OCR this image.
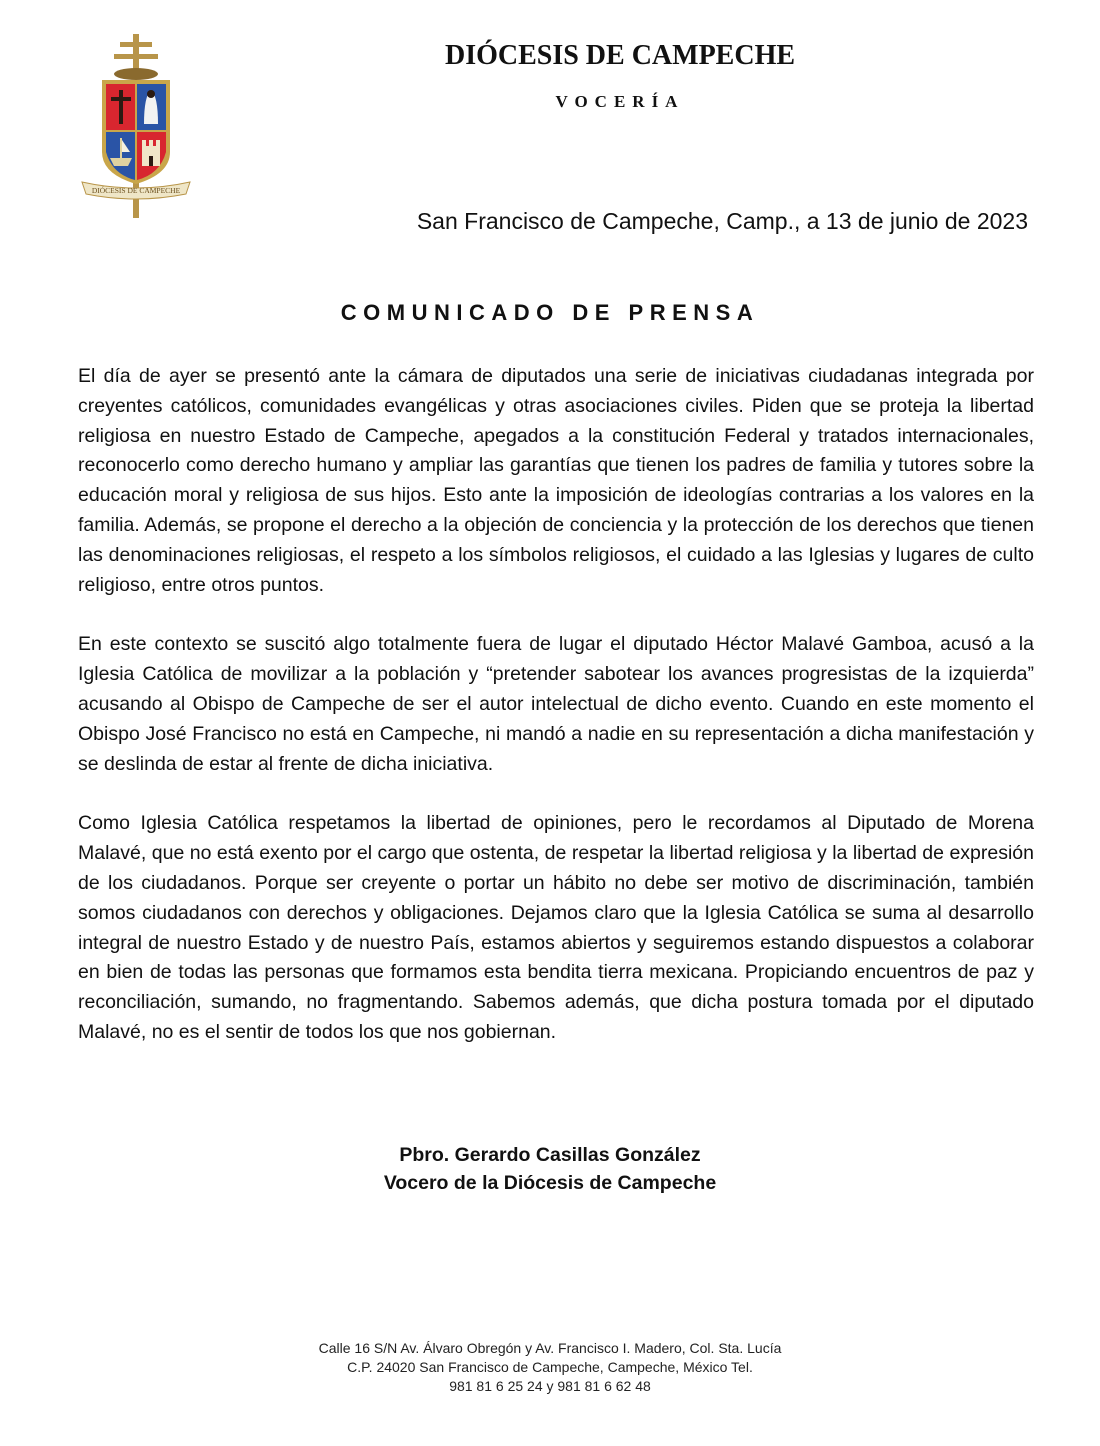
DIÓCESIS DE CAMPECHE
DIÓCESIS DE CAMPECHE
VOCERÍA
San Francisco de Campeche, Camp., a 13 de junio de 2023
COMUNICADO DE PRENSA

El día de ayer se presentó ante la cámara de diputados una serie de iniciativas ciudadanas integrada por creyentes católicos, comunidades evangélicas y otras asociaciones civiles. Piden que se proteja la libertad religiosa en nuestro Estado de Campeche, apegados a la constitución Federal y tratados internacionales, reconocerlo como derecho humano y ampliar las garantías que tienen los padres de familia y tutores sobre la educación moral y religiosa de sus hijos. Esto ante la imposición de ideologías contrarias a los valores en la familia. Además, se propone el derecho a la objeción de conciencia y la protección de los derechos que tienen las denominaciones religiosas, el respeto a los símbolos religiosos, el cuidado a las Iglesias y lugares de culto religioso, entre otros puntos.

En este contexto se suscitó algo totalmente fuera de lugar el diputado Héctor Malavé Gamboa, acusó a la Iglesia Católica de movilizar a la población y “pretender sabotear los avances progresistas de la izquierda” acusando al Obispo de Campeche de ser el autor intelectual de dicho evento. Cuando en este momento el Obispo José Francisco no está en Campeche, ni mandó a nadie en su representación a dicha manifestación y se deslinda de estar al frente de dicha iniciativa.

Como Iglesia Católica respetamos la libertad de opiniones, pero le recordamos al Diputado de Morena Malavé, que no está exento por el cargo que ostenta, de respetar la libertad religiosa y la libertad de expresión de los ciudadanos. Porque ser creyente o portar un hábito no debe ser motivo de discriminación, también somos ciudadanos con derechos y obligaciones. Dejamos claro que la Iglesia Católica se suma al desarrollo integral de nuestro Estado y de nuestro País, estamos abiertos y seguiremos estando dispuestos a colaborar en bien de todas las personas que formamos esta bendita tierra mexicana. Propiciando encuentros de paz y reconciliación, sumando, no fragmentando. Sabemos además, que dicha postura tomada por el diputado Malavé, no es el sentir de todos los que nos gobiernan.

Pbro. Gerardo Casillas González
Vocero de la Diócesis de Campeche
Calle 16 S/N Av. Álvaro Obregón y Av. Francisco I. Madero, Col. Sta. Lucía
C.P. 24020 San Francisco de Campeche, Campeche, México Tel.
981 81 6 25 24 y 981 81 6 62 48
